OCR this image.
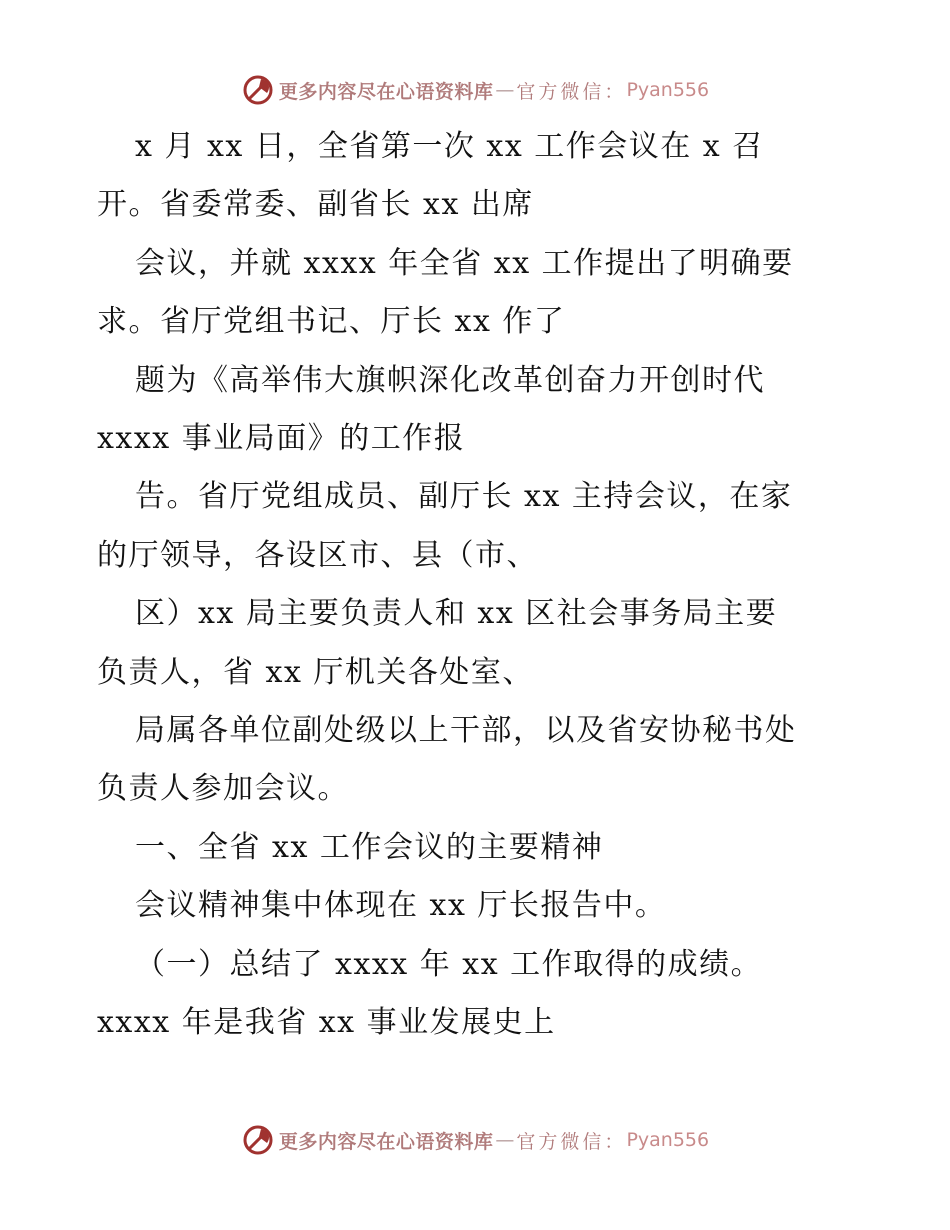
更多内容尽在心语资料库 — 官方微信： Pyan556

x 月 xx 日，全省第一次 xx 工作会议在 x 召

开。省委常委、副省长 xx 出席

会议，并就 xxxx 年全省 xx 工作提出了明确要

求。省厅党组书记、厅长 xx 作了

题为《高举伟大旗帜深化改革创奋力开创时代

xxxx 事业局面》的工作报

告。省厅党组成员、副厅长 xx 主持会议，在家

的厅领导，各设区市、县（市、

区）xx 局主要负责人和 xx 区社会事务局主要

负责人，省 xx 厅机关各处室、

局属各单位副处级以上干部，以及省安协秘书处

负责人参加会议。

一、全省 xx 工作会议的主要精神

会议精神集中体现在 xx 厅长报告中。

（一）总结了 xxxx 年 xx 工作取得的成绩。

xxxx 年是我省 xx 事业发展史上

更多内容尽在心语资料库 — 官方微信： Pyan556
